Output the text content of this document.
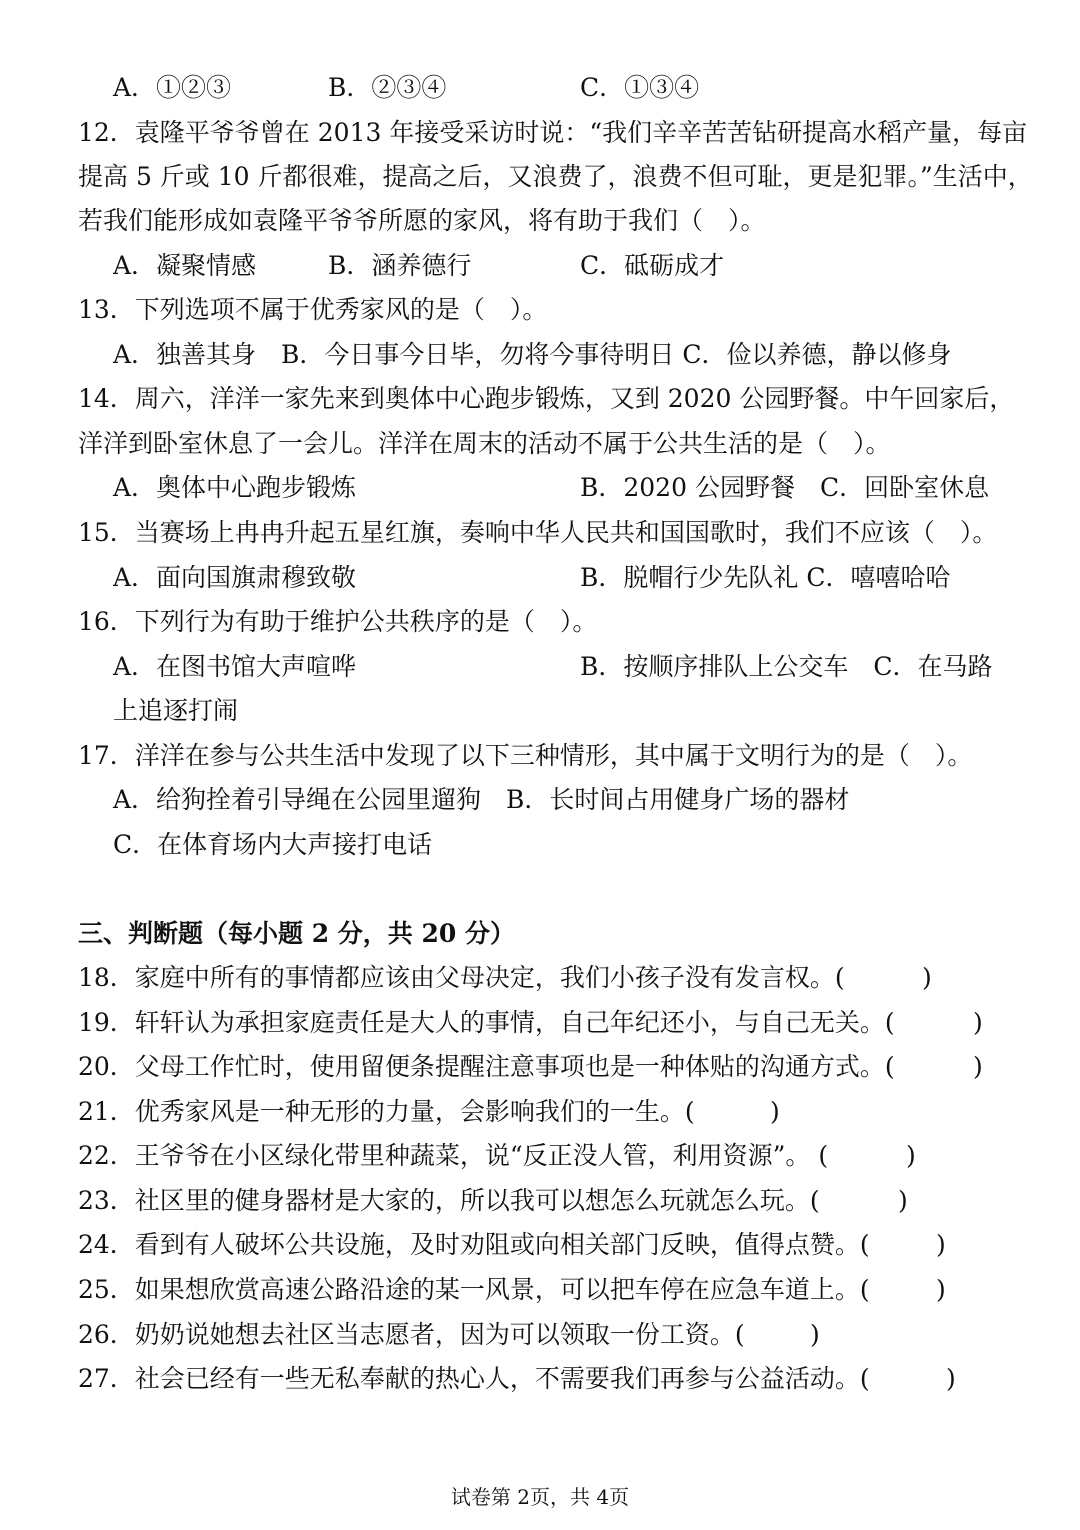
A．①②③	B．②③④	C．①③④

12．袁隆平爷爷曾在 2013 年接受采访时说：“我们辛辛苦苦钻研提高水稻产量，每亩

提高 5 斤或 10 斤都很难，提高之后，又浪费了，浪费不但可耻，更是犯罪。”生活中，

若我们能形成如袁隆平爷爷所愿的家风，将有助于我们（　）。

A．凝聚情感	B．涵养德行	C．砥砺成才

13．下列选项不属于优秀家风的是（　）。

A．独善其身　B．今日事今日毕，勿将今事待明日 C．俭以养德，静以修身

14．周六，洋洋一家先来到奥体中心跑步锻炼，又到 2020 公园野餐。中午回家后，

洋洋到卧室休息了一会儿。洋洋在周末的活动不属于公共生活的是（　）。

A．奥体中心跑步锻炼	B．2020 公园野餐　C．回卧室休息

15．当赛场上冉冉升起五星红旗，奏响中华人民共和国国歌时，我们不应该（　）。

A．面向国旗肃穆致敬	B．脱帽行少先队礼 C．嘻嘻哈哈

16．下列行为有助于维护公共秩序的是（　）。

A．在图书馆大声喧哗	B．按顺序排队上公交车　C．在马路

上追逐打闹

17．洋洋在参与公共生活中发现了以下三种情形，其中属于文明行为的是（　）。

A．给狗拴着引导绳在公园里遛狗　B．长时间占用健身广场的器材

C．在体育场内大声接打电话

三、判断题（每小题 2 分，共 20 分）

18．家庭中所有的事情都应该由父母决定，我们小孩子没有发言权。(	)
19．轩轩认为承担家庭责任是大人的事情，自己年纪还小，与自己无关。(	)
20．父母工作忙时，使用留便条提醒注意事项也是一种体贴的沟通方式。(	)
21．优秀家风是一种无形的力量，会影响我们的一生。(	)
22．王爷爷在小区绿化带里种蔬菜，说“反正没人管，利用资源”。 (	)
23．社区里的健身器材是大家的，所以我可以想怎么玩就怎么玩。(	)
24．看到有人破坏公共设施，及时劝阻或向相关部门反映，值得点赞。(	)
25．如果想欣赏高速公路沿途的某一风景，可以把车停在应急车道上。(	)
26．奶奶说她想去社区当志愿者，因为可以领取一份工资。(	)
27．社会已经有一些无私奉献的热心人，不需要我们再参与公益活动。(	)
试卷第 2页，共 4页
